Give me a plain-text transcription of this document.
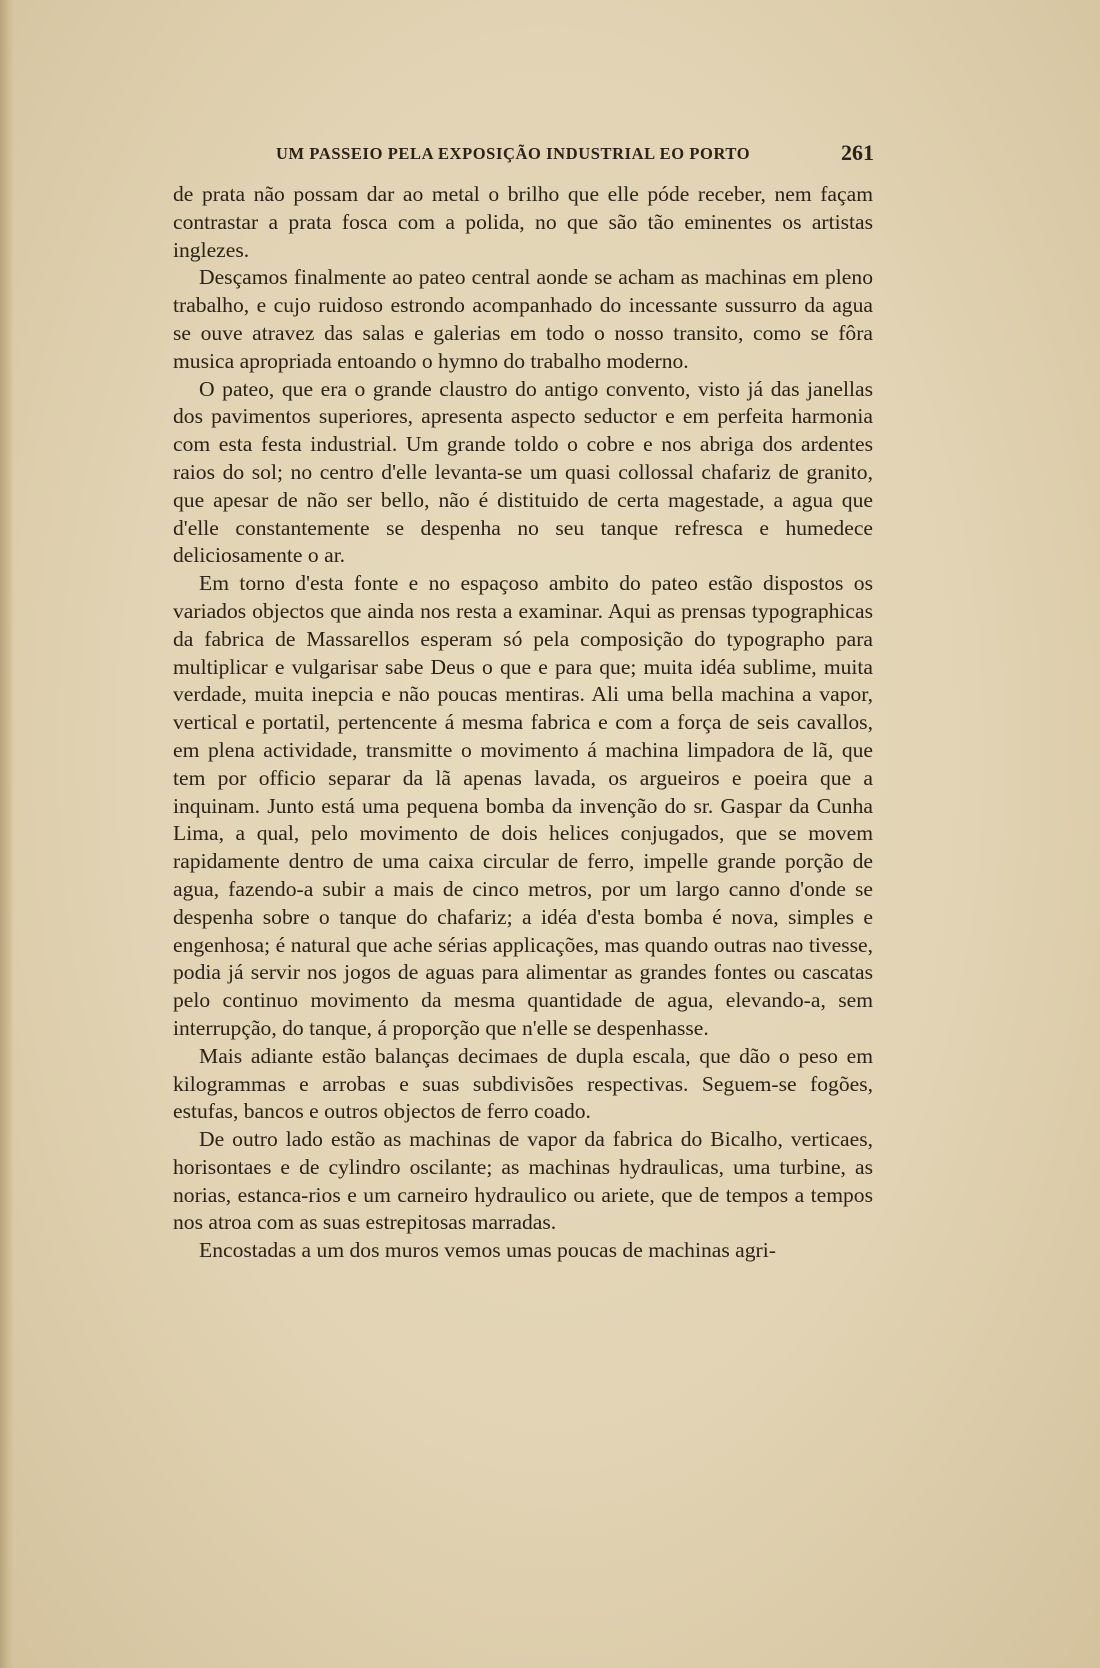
UM PASSEIO PELA EXPOSIÇÃO INDUSTRIAL EO PORTO	261

de prata não possam dar ao metal o brilho que elle póde receber, nem façam contrastar a prata fosca com a polida, no que são tão eminentes os artistas inglezes.

Desçamos finalmente ao pateo central aonde se acham as machinas em pleno trabalho, e cujo ruidoso estrondo acompanhado do incessante sussurro da agua se ouve atravez das salas e galerias em todo o nosso transito, como se fôra musica apropriada entoando o hymno do trabalho moderno.

O pateo, que era o grande claustro do antigo convento, visto já das janellas dos pavimentos superiores, apresenta aspecto seductor e em perfeita harmonia com esta festa industrial. Um grande toldo o cobre e nos abriga dos ardentes raios do sol; no centro d'elle levanta-se um quasi collossal chafariz de granito, que apesar de não ser bello, não é distituido de certa magestade, a agua que d'elle constantemente se despenha no seu tanque refresca e humedece deliciosamente o ar.

Em torno d'esta fonte e no espaçoso ambito do pateo estão dispostos os variados objectos que ainda nos resta a examinar. Aqui as prensas typographicas da fabrica de Massarellos esperam só pela composição do typographo para multiplicar e vulgarisar sabe Deus o que e para que; muita idéa sublime, muita verdade, muita inepcia e não poucas mentiras. Ali uma bella machina a vapor, vertical e portatil, pertencente á mesma fabrica e com a força de seis cavallos, em plena actividade, transmitte o movimento á machina limpadora de lã, que tem por officio separar da lã apenas lavada, os argueiros e poeira que a inquinam. Junto está uma pequena bomba da invenção do sr. Gaspar da Cunha Lima, a qual, pelo movimento de dois helices conjugados, que se movem rapidamente dentro de uma caixa circular de ferro, impelle grande porção de agua, fazendo-a subir a mais de cinco metros, por um largo canno d'onde se despenha sobre o tanque do chafariz; a idéa d'esta bomba é nova, simples e engenhosa; é natural que ache sérias applicações, mas quando outras nao tivesse, podia já servir nos jogos de aguas para alimentar as grandes fontes ou cascatas pelo continuo movimento da mesma quantidade de agua, elevando-a, sem interrupção, do tanque, á proporção que n'elle se despenhasse.

Mais adiante estão balanças decimaes de dupla escala, que dão o peso em kilogrammas e arrobas e suas subdivisões respectivas. Seguem-se fogões, estufas, bancos e outros objectos de ferro coado.

De outro lado estão as machinas de vapor da fabrica do Bicalho, verticaes, horisontaes e de cylindro oscilante; as machinas hydraulicas, uma turbine, as norias, estanca-rios e um carneiro hydraulico ou ariete, que de tempos a tempos nos atroa com as suas estrepitosas marradas.

Encostadas a um dos muros vemos umas poucas de machinas agri-
